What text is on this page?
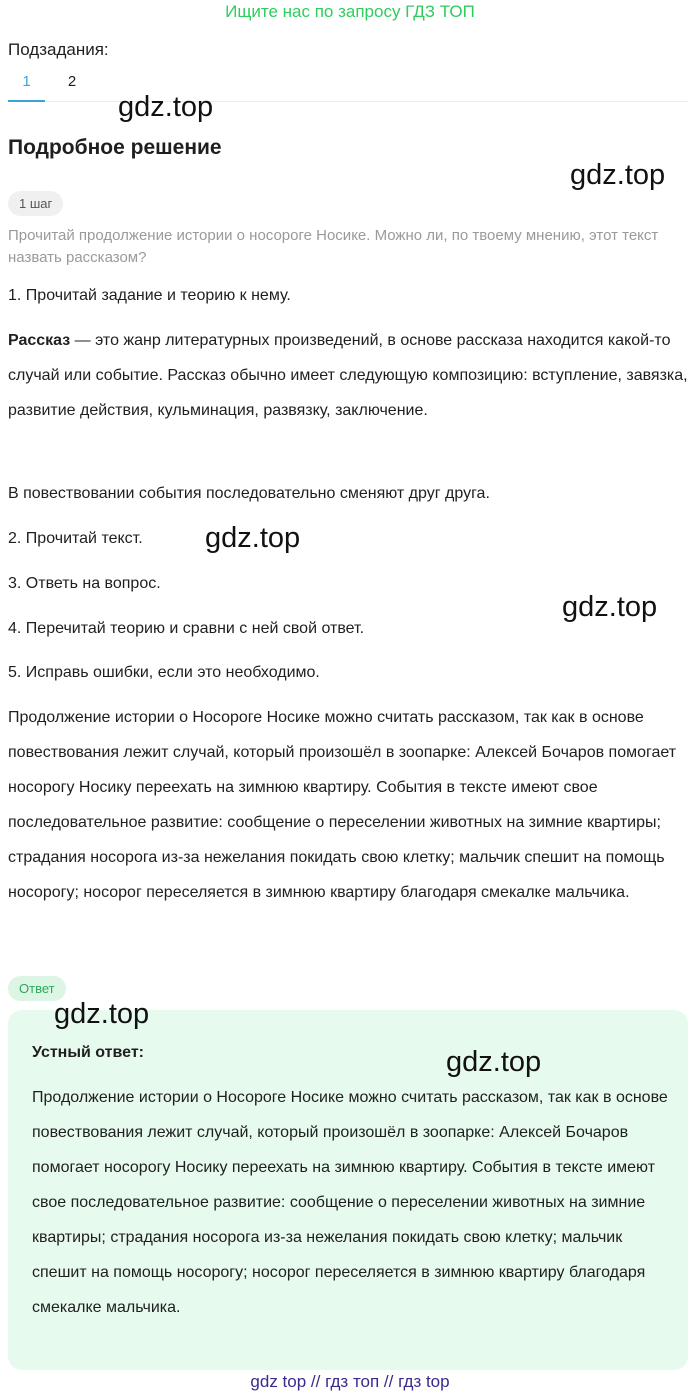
Ищите нас по запросу ГДЗ ТОП
Подзадания:
1	2
gdz.top
Подробное решение
gdz.top
1 шаг
Прочитай продолжение истории о носороге Носике. Можно ли, по твоему мнению, этот текст назвать рассказом?
1. Прочитай задание и теорию к нему.
Рассказ — это жанр литературных произведений, в основе рассказа находится какой-то случай или событие. Рассказ обычно имеет следующую композицию: вступление, завязка, развитие действия, кульминация, развязку, заключение.
В повествовании события последовательно сменяют друг друга.
2. Прочитай текст.	gdz.top
3. Ответь на вопрос.
gdz.top
4. Перечитай теорию и сравни с ней свой ответ.
5. Исправь ошибки, если это необходимо.
Продолжение истории о Носороге Носике можно считать рассказом, так как в основе повествования лежит случай, который произошёл в зоопарке: Алексей Бочаров помогает носорогу Носику переехать на зимнюю квартиру. События в тексте имеют свое последовательное развитие: сообщение о переселении животных на зимние квартиры; страдания носорога из-за нежелания покидать свою клетку; мальчик спешит на помощь носорогу; носорог переселяется в зимнюю квартиру благодаря смекалке мальчика.
Ответ
Устный ответ:
Продолжение истории о Носороге Носике можно считать рассказом, так как в основе повествования лежит случай, который произошёл в зоопарке: Алексей Бочаров помогает носорогу Носику переехать на зимнюю квартиру. События в тексте имеют свое последовательное развитие: сообщение о переселении животных на зимние квартиры; страдания носорога из-за нежелания покидать свою клетку; мальчик спешит на помощь носорогу; носорог переселяется в зимнюю квартиру благодаря смекалке мальчика.
gdz.top
gdz.top
gdz top // гдз топ // гдз top
